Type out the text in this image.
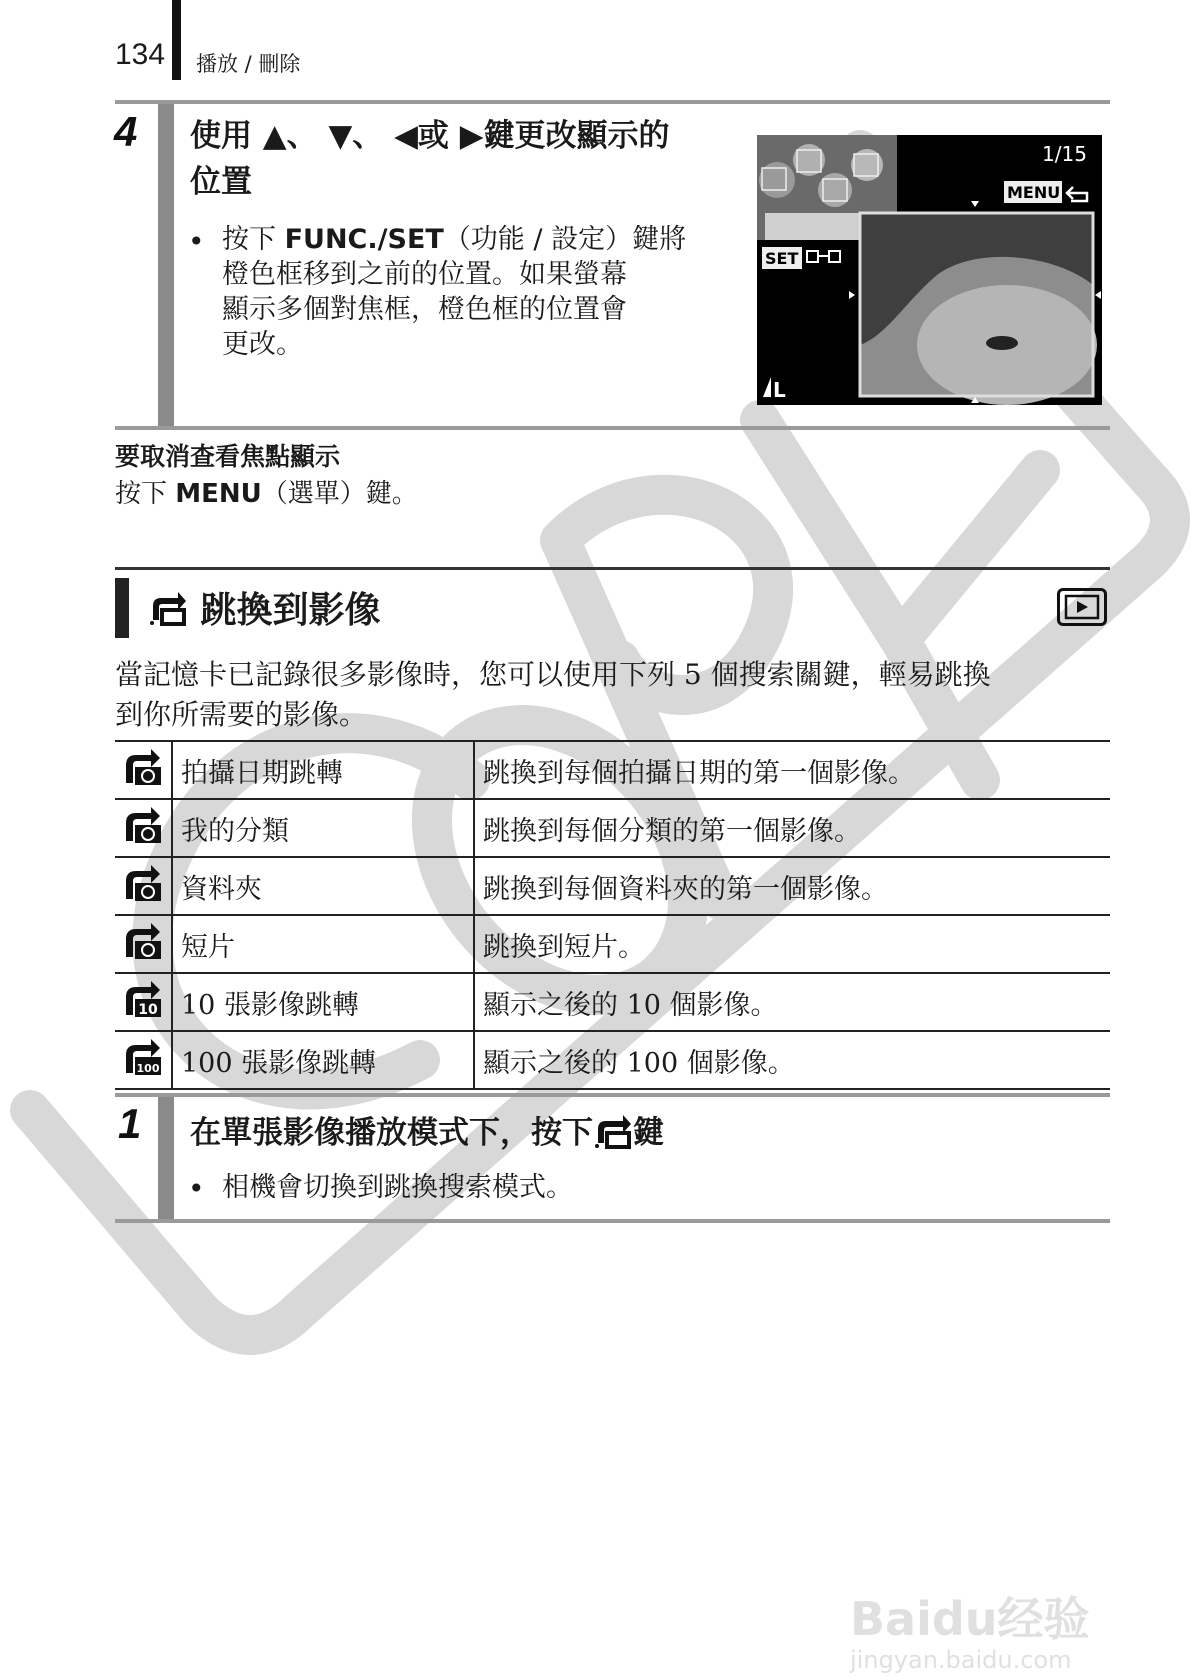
Baidu经验
jingyan.baidu.com
134 播放 / 刪除
4 使用 ▲、 ▼、 ◀或 ▶鍵更改顯示的
位置
• 按下 FUNC./SET（功能 / 設定）鍵將
橙色框移到之前的位置。如果螢幕
顯示多個對焦框，橙色框的位置會
更改。
SET
1/15
MENU
L
要取消查看焦點顯示
按下 MENU（選單）鍵。
跳換到影像
當記憶卡已記錄很多影像時，您可以使用下列 5 個搜索關鍵，輕易跳換
到你所需要的影像。
	拍攝日期跳轉	跳換到每個拍攝日期的第一個影像。
	我的分類	跳換到每個分類的第一個影像。
	資料夾	跳換到每個資料夾的第一個影像。
	短片	跳換到短片。

10	10 張影像跳轉	顯示之後的 10 個影像。

100	100 張影像跳轉	顯示之後的 100 個影像。
1 在單張影像播放模式下，按下 鍵
• 相機會切換到跳換搜索模式。
